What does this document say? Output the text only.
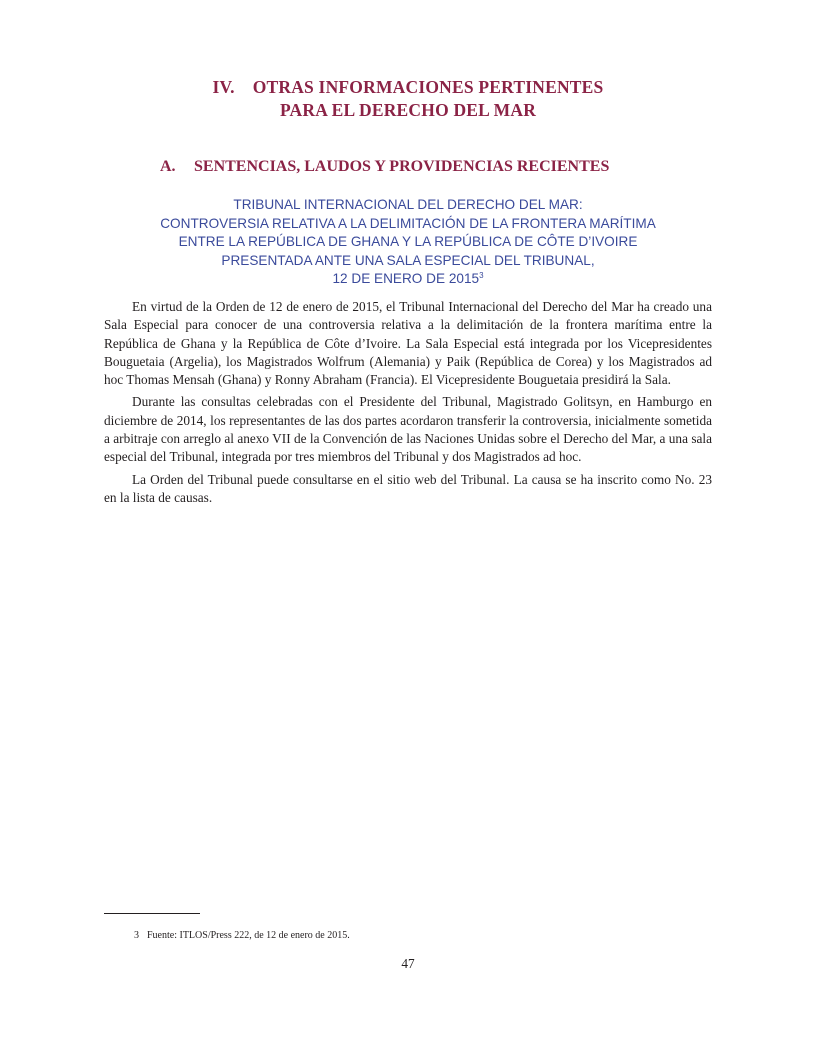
IV. OTRAS INFORMACIONES PERTINENTES
PARA EL DERECHO DEL MAR
A. SENTENCIAS, LAUDOS Y PROVIDENCIAS RECIENTES
TRIBUNAL INTERNACIONAL DEL DERECHO DEL MAR:
CONTROVERSIA RELATIVA A LA DELIMITACIÓN DE LA FRONTERA MARÍTIMA
ENTRE LA REPÚBLICA DE GHANA Y LA REPÚBLICA DE CÔTE D’IVOIRE
PRESENTADA ANTE UNA SALA ESPECIAL DEL TRIBUNAL,
12 DE ENERO DE 2015$^3$

En virtud de la Orden de 12 de enero de 2015, el Tribunal Internacional del Derecho del Mar ha creado una Sala Especial para conocer de una controversia relativa a la delimitación de la frontera marítima entre la República de Ghana y la República de Côte d’Ivoire. La Sala Especial está integrada por los Vicepresidentes Bouguetaia (Argelia), los Magistrados Wolfrum (Alemania) y Paik (República de Corea) y los Magistrados ad hoc Thomas Mensah (Ghana) y Ronny Abraham (Francia). El Vicepresidente Bouguetaia presidirá la Sala.

Durante las consultas celebradas con el Presidente del Tribunal, Magistrado Golitsyn, en Hamburgo en diciembre de 2014, los representantes de las dos partes acordaron transferir la controversia, inicialmente sometida a arbitraje con arreglo al anexo VII de la Convención de las Naciones Unidas sobre el Derecho del Mar, a una sala especial del Tribunal, integrada por tres miembros del Tribunal y dos Magistrados ad hoc.

La Orden del Tribunal puede consultarse en el sitio web del Tribunal. La causa se ha inscrito como No. 23 en la lista de causas.

3 Fuente: ITLOS/Press 222, de 12 de enero de 2015.
47
